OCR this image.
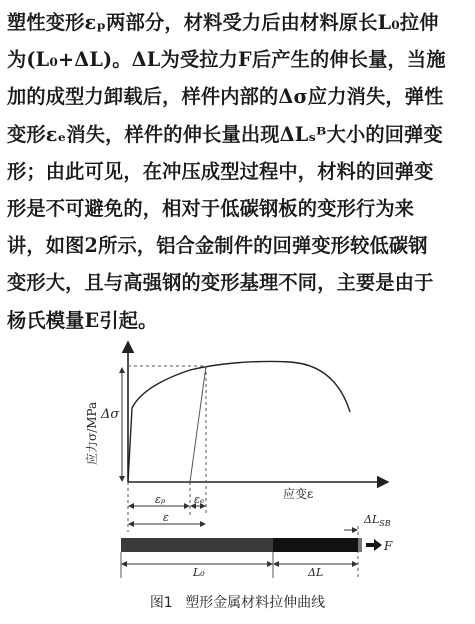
塑性变形εₚ两部分，材料受力后由材料原长L₀拉伸
为(L₀+ΔL)。ΔL为受拉力F后产生的伸长量，当施
加的成型力卸载后，样件内部的Δσ应力消失，弹性
变形εₑ消失，样件的伸长量出现ΔLₛᴮ大小的回弹变
形；由此可见，在冲压成型过程中，材料的回弹变
形是不可避免的，相对于低碳钢板的变形行为来
讲，如图2所示，铝合金制件的回弹变形较低碳钢
变形大，且与高强钢的变形基理不同，主要是由于
杨氏模量E引起。
应力σ/MPa Δσ
应变ε
εₚ	εₑ
ε	$\Delta L_{SB}$
F
L₀	ΔL
图1 塑形金属材料拉伸曲线
